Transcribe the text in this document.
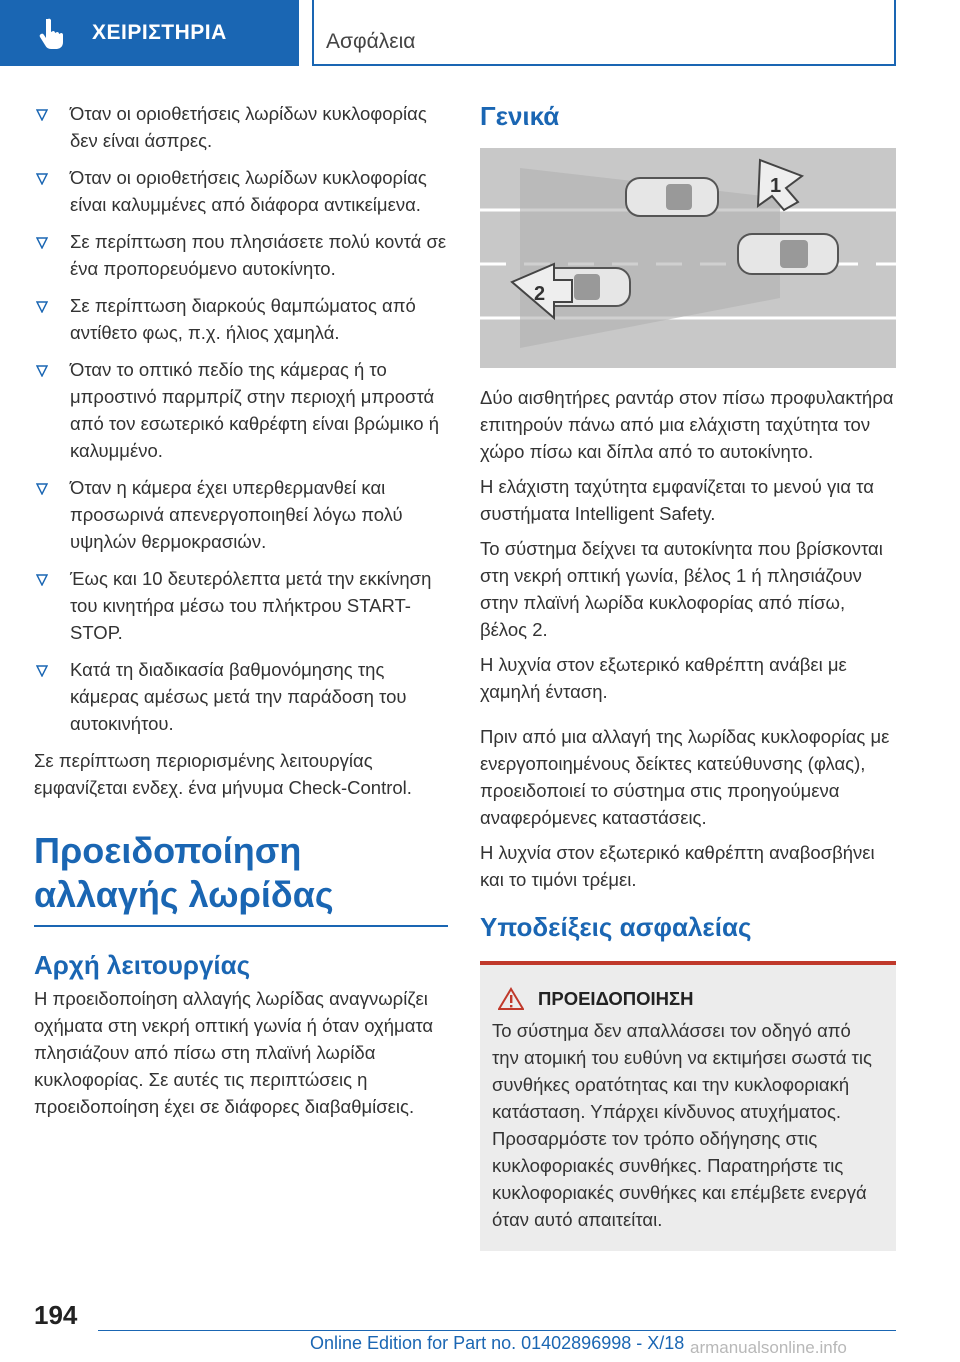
ΧΕΙΡΙΣΤΗΡΙΑ	Ασφάλεια
Όταν οι οριοθετήσεις λωρίδων κυκλοφορίας δεν είναι άσπρες.
Όταν οι οριοθετήσεις λωρίδων κυκλοφορίας είναι καλυμμένες από διάφορα αντικείμενα.
Σε περίπτωση που πλησιάσετε πολύ κοντά σε ένα προπορευόμενο αυτοκίνητο.
Σε περίπτωση διαρκούς θαμπώματος από αντίθετο φως, π.χ. ήλιος χαμηλά.
Όταν το οπτικό πεδίο της κάμερας ή το μπροστινό παρμπρίζ στην περιοχή μπροστά από τον εσωτερικό καθρέφτη είναι βρώμικο ή καλυμμένο.
Όταν η κάμερα έχει υπερθερμανθεί και προσωρινά απενεργοποιηθεί λόγω πολύ υψηλών θερμοκρασιών.
Έως και 10 δευτερόλεπτα μετά την εκκίνηση του κινητήρα μέσω του πλήκτρου START-STOP.
Κατά τη διαδικασία βαθμονόμησης της κάμερας αμέσως μετά την παράδοση του αυτοκινήτου.

Σε περίπτωση περιορισμένης λειτουργίας εμφανίζεται ενδεχ. ένα μήνυμα Check-Control.

Προειδοποίηση αλλαγής λωρίδας
Αρχή λειτουργίας

Η προειδοποίηση αλλαγής λωρίδας αναγνωρίζει οχήματα στη νεκρή οπτική γωνία ή όταν οχήματα πλησιάζουν από πίσω στη πλαϊνή λωρίδα κυκλοφορίας. Σε αυτές τις περιπτώσεις η προειδοποίηση έχει σε διάφορες διαβαθμίσεις.

Γενικά
1
2

Δύο αισθητήρες ραντάρ στον πίσω προφυλακτήρα επιτηρούν πάνω από μια ελάχιστη ταχύτητα τον χώρο πίσω και δίπλα από το αυτοκίνητο.

Η ελάχιστη ταχύτητα εμφανίζεται το μενού για τα συστήματα Intelligent Safety.

Το σύστημα δείχνει τα αυτοκίνητα που βρίσκονται στη νεκρή οπτική γωνία, βέλος 1 ή πλησιάζουν στην πλαϊνή λωρίδα κυκλοφορίας από πίσω, βέλος 2.

Η λυχνία στον εξωτερικό καθρέπτη ανάβει με χαμηλή ένταση.

Πριν από μια αλλαγή της λωρίδας κυκλοφορίας με ενεργοποιημένους δείκτες κατεύθυνσης (φλας), προειδοποιεί το σύστημα στις προηγούμενα αναφερόμενες καταστάσεις.

Η λυχνία στον εξωτερικό καθρέπτη αναβοσβήνει και το τιμόνι τρέμει.

Υποδείξεις ασφαλείας
ΠΡΟΕΙΔΟΠΟΙΗΣΗ

Το σύστημα δεν απαλλάσσει τον οδηγό από την ατομική του ευθύνη να εκτιμήσει σωστά τις συνθήκες ορατότητας και την κυκλοφοριακή κατάσταση. Υπάρχει κίνδυνος ατυχήματος. Προσαρμόστε τον τρόπο οδήγησης στις κυκλοφοριακές συνθήκες. Παρατηρήστε τις κυκλοφοριακές συνθήκες και επέμβετε ενεργά όταν αυτό απαιτείται.

194
Online Edition for Part no. 01402896998 - X/18 armanualsonline.info
